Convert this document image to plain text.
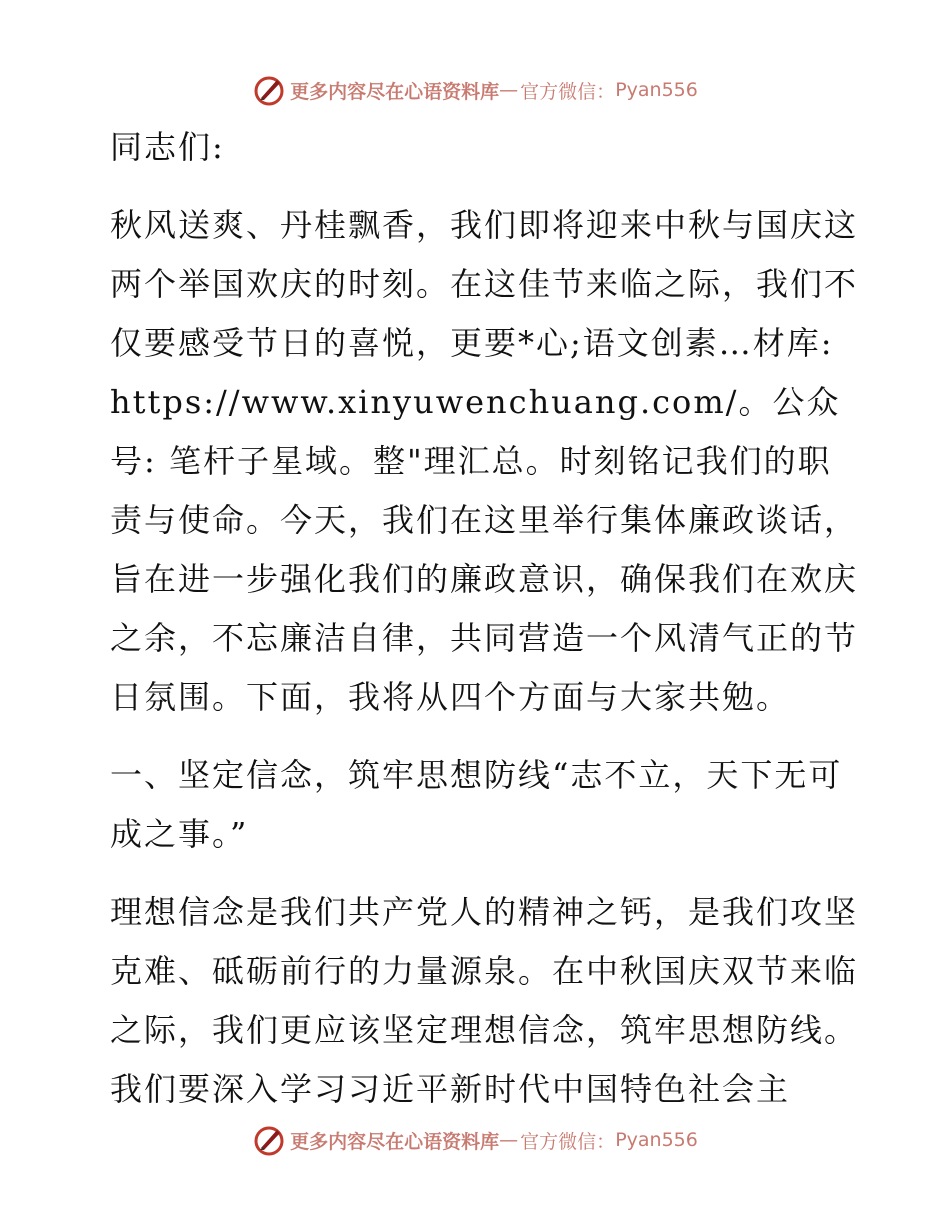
更多内容尽在心语资料库 — 官方微信： Pyan556

同志们:

秋风送爽、丹桂飘香，我们即将迎来中秋与国庆这两个举国欢庆的时刻。在这佳节来临之际，我们不仅要感受节日的喜悦，更要*心;语文创素…材库: https://www.xinyuwenchuang.com/。公众号: 笔杆子星域。整"理汇总。时刻铭记我们的职责与使命。今天，我们在这里举行集体廉政谈话，旨在进一步强化我们的廉政意识，确保我们在欢庆之余，不忘廉洁自律，共同营造一个风清气正的节日氛围。下面，我将从四个方面与大家共勉。

一、坚定信念，筑牢思想防线“志不立，天下无可成之事。”

理想信念是我们共产党人的精神之钙，是我们攻坚克难、砥砺前行的力量源泉。在中秋国庆双节来临之际，我们更应该坚定理想信念，筑牢思想防线。我们要深入学习习近平新时代中国特色社会主

更多内容尽在心语资料库 — 官方微信： Pyan556
